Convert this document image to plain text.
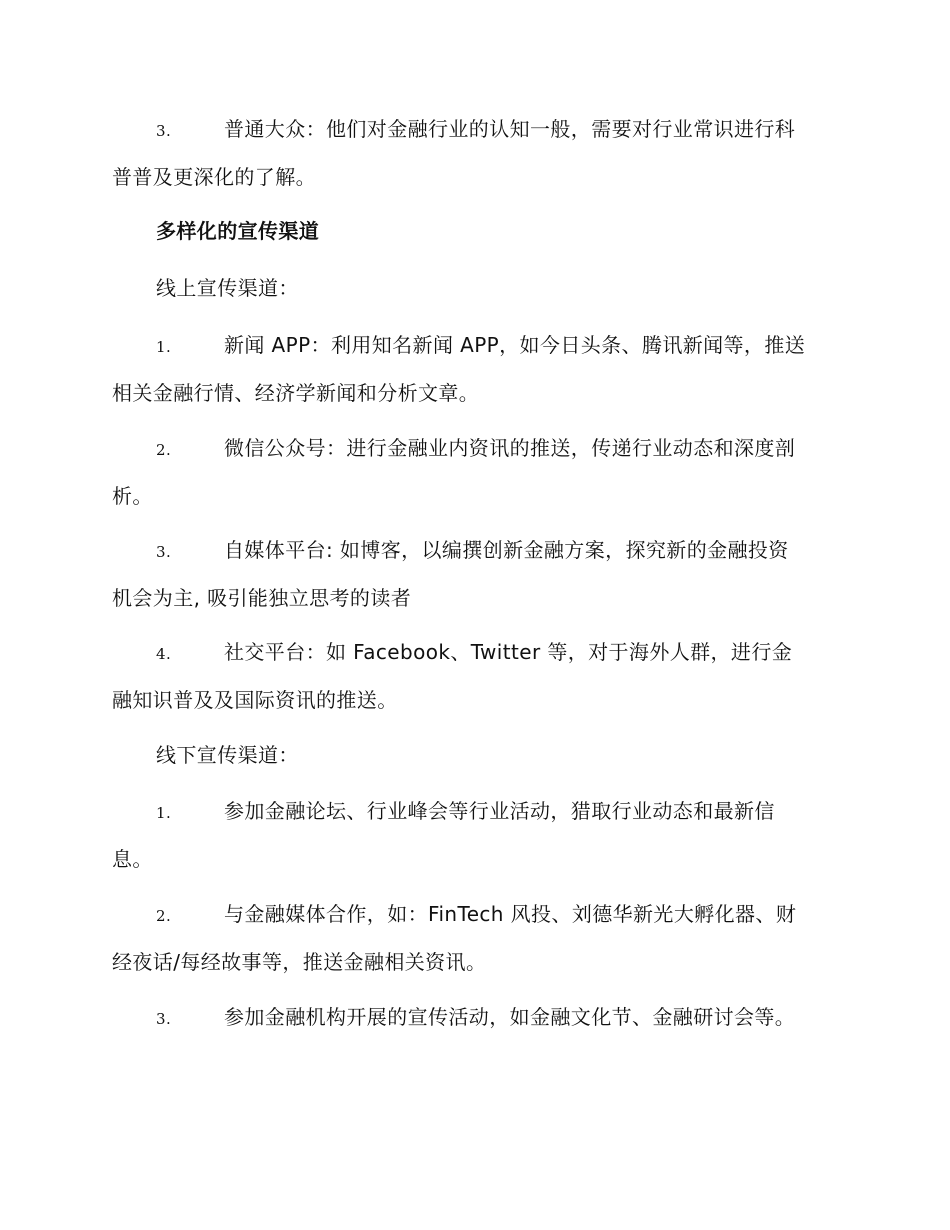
3.	普通大众：他们对金融行业的认知一般，需要对行业常识进行科
普普及更深化的了解。
多样化的宣传渠道
线上宣传渠道：
1.	新闻 APP：利用知名新闻 APP，如今日头条、腾讯新闻等，推送
相关金融行情、经济学新闻和分析文章。
2.	微信公众号：进行金融业内资讯的推送，传递行业动态和深度剖
析。
3.	自媒体平台: 如博客，以编撰创新金融方案，探究新的金融投资
机会为主, 吸引能独立思考的读者
4.	社交平台：如 Facebook、Twitter 等，对于海外人群，进行金
融知识普及及国际资讯的推送。
线下宣传渠道：
1.	参加金融论坛、行业峰会等行业活动，猎取行业动态和最新信
息。
2.	与金融媒体合作，如：FinTech 风投、刘德华新光大孵化器、财
经夜话/每经故事等，推送金融相关资讯。
3.	参加金融机构开展的宣传活动，如金融文化节、金融研讨会等。
